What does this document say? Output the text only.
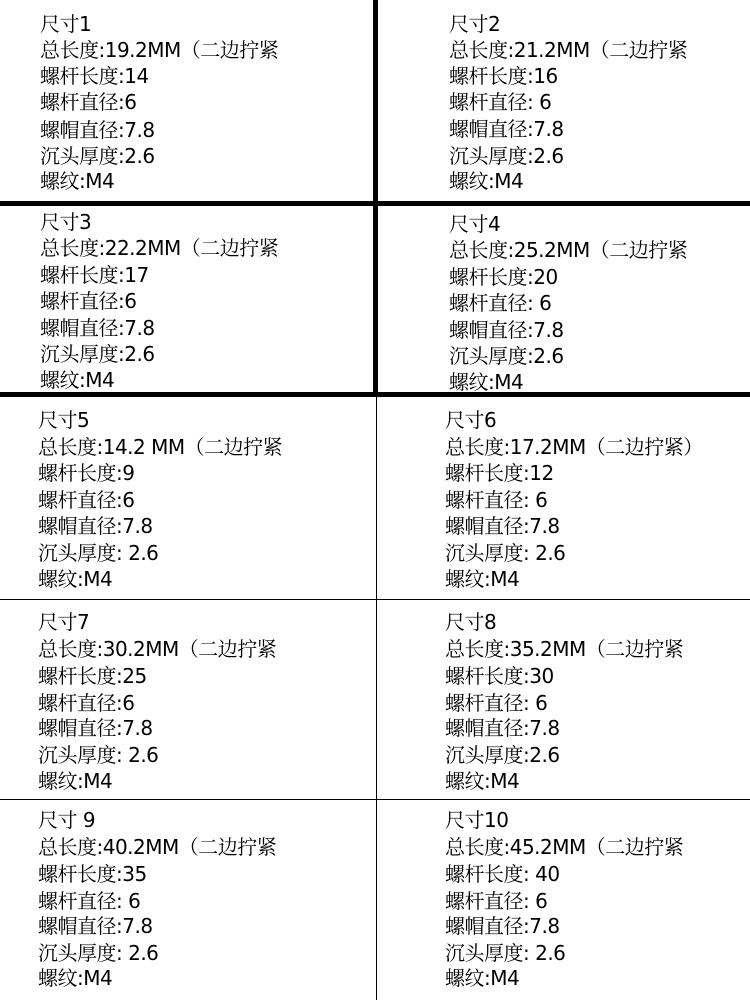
尺寸1
总长度:19.2MM（二边拧紧
螺杆长度:14
螺杆直径:6
螺帽直径:7.8
沉头厚度:2.6
螺纹:M4
尺寸2
总长度:21.2MM（二边拧紧
螺杆长度:16
螺杆直径: 6
螺帽直径:7.8
沉头厚度:2.6
螺纹:M4
尺寸3
总长度:22.2MM（二边拧紧
螺杆长度:17
螺杆直径:6
螺帽直径:7.8
沉头厚度:2.6
螺纹:M4
尺寸4
总长度:25.2MM（二边拧紧
螺杆长度:20
螺杆直径: 6
螺帽直径:7.8
沉头厚度:2.6
螺纹:M4
尺寸5
总长度:14.2 MM（二边拧紧
螺杆长度:9
螺杆直径:6
螺帽直径:7.8
沉头厚度: 2.6
螺纹:M4
尺寸6
总长度:17.2MM（二边拧紧）
螺杆长度:12
螺杆直径: 6
螺帽直径:7.8
沉头厚度: 2.6
螺纹:M4
尺寸7
总长度:30.2MM（二边拧紧
螺杆长度:25
螺杆直径:6
螺帽直径:7.8
沉头厚度: 2.6
螺纹:M4
尺寸8
总长度:35.2MM（二边拧紧
螺杆长度:30
螺杆直径: 6
螺帽直径:7.8
沉头厚度:2.6
螺纹:M4
尺寸 9
总长度:40.2MM（二边拧紧
螺杆长度:35
螺杆直径: 6
螺帽直径:7.8
沉头厚度: 2.6
螺纹:M4
尺寸10
总长度:45.2MM（二边拧紧
螺杆长度: 40
螺杆直径: 6
螺帽直径:7.8
沉头厚度: 2.6
螺纹:M4
